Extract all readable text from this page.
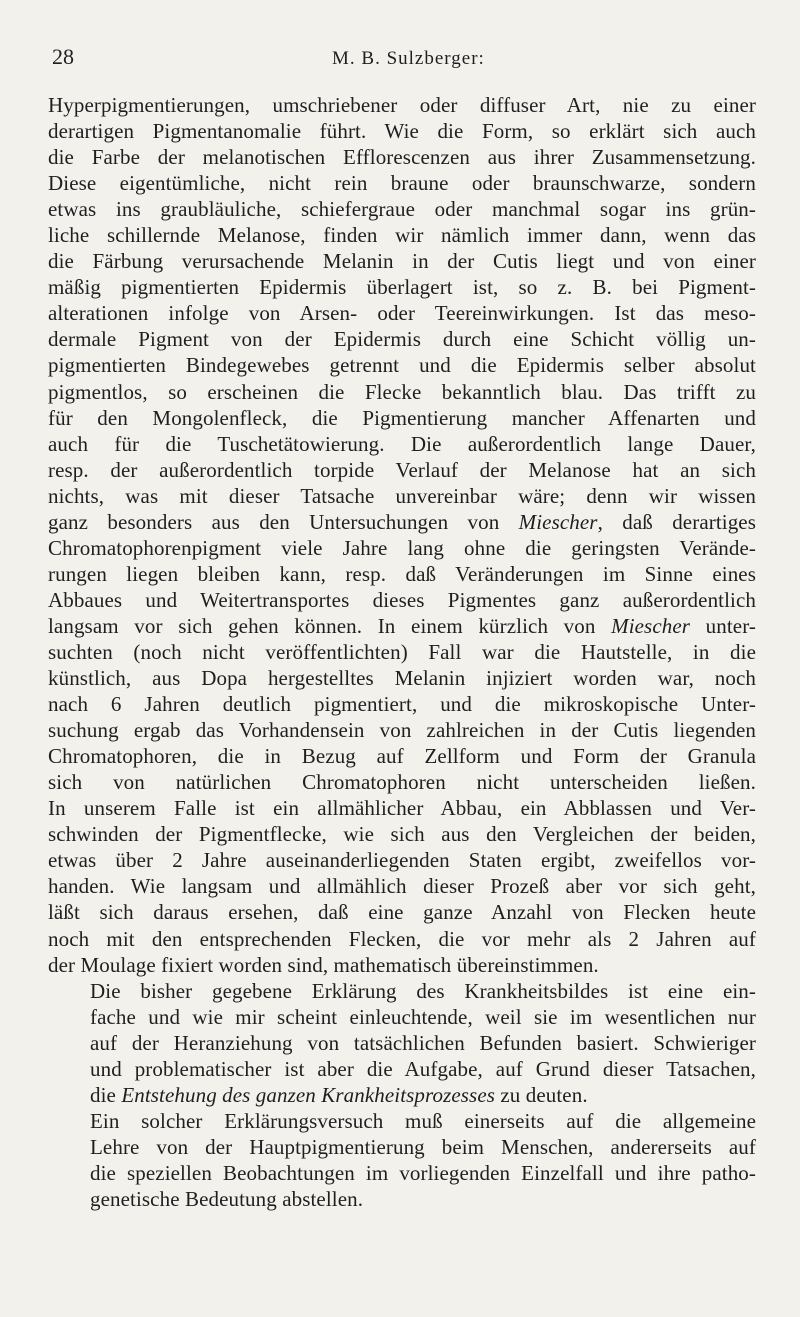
28	M. B. Sulzberger:

Hyperpigmentierungen, umschriebener oder diffuser Art, nie zu einer
derartigen Pigmentanomalie führt. Wie die Form, so erklärt sich auch
die Farbe der melanotischen Efflorescenzen aus ihrer Zusammensetzung.
Diese eigentümliche, nicht rein braune oder braunschwarze, sondern
etwas ins graubläuliche, schiefergraue oder manchmal sogar ins grün-
liche schillernde Melanose, finden wir nämlich immer dann, wenn das
die Färbung verursachende Melanin in der Cutis liegt und von einer
mäßig pigmentierten Epidermis überlagert ist, so z. B. bei Pigment-
alterationen infolge von Arsen- oder Teereinwirkungen. Ist das meso-
dermale Pigment von der Epidermis durch eine Schicht völlig un-
pigmentierten Bindegewebes getrennt und die Epidermis selber absolut
pigmentlos, so erscheinen die Flecke bekanntlich blau. Das trifft zu
für den Mongolenfleck, die Pigmentierung mancher Affenarten und
auch für die Tuschetätowierung. Die außerordentlich lange Dauer,
resp. der außerordentlich torpide Verlauf der Melanose hat an sich
nichts, was mit dieser Tatsache unvereinbar wäre; denn wir wissen
ganz besonders aus den Untersuchungen von Miescher, daß derartiges
Chromatophorenpigment viele Jahre lang ohne die geringsten Verände-
rungen liegen bleiben kann, resp. daß Veränderungen im Sinne eines
Abbaues und Weitertransportes dieses Pigmentes ganz außerordentlich
langsam vor sich gehen können. In einem kürzlich von Miescher unter-
suchten (noch nicht veröffentlichten) Fall war die Hautstelle, in die
künstlich, aus Dopa hergestelltes Melanin injiziert worden war, noch
nach 6 Jahren deutlich pigmentiert, und die mikroskopische Unter-
suchung ergab das Vorhandensein von zahlreichen in der Cutis liegenden
Chromatophoren, die in Bezug auf Zellform und Form der Granula
sich von natürlichen Chromatophoren nicht unterscheiden ließen.
In unserem Falle ist ein allmählicher Abbau, ein Abblassen und Ver-
schwinden der Pigmentflecke, wie sich aus den Vergleichen der beiden,
etwas über 2 Jahre auseinanderliegenden Staten ergibt, zweifellos vor-
handen. Wie langsam und allmählich dieser Prozeß aber vor sich geht,
läßt sich daraus ersehen, daß eine ganze Anzahl von Flecken heute
noch mit den entsprechenden Flecken, die vor mehr als 2 Jahren auf
der Moulage fixiert worden sind, mathematisch übereinstimmen.

Die bisher gegebene Erklärung des Krankheitsbildes ist eine ein-
fache und wie mir scheint einleuchtende, weil sie im wesentlichen nur
auf der Heranziehung von tatsächlichen Befunden basiert. Schwieriger
und problematischer ist aber die Aufgabe, auf Grund dieser Tatsachen,
die Entstehung des ganzen Krankheitsprozesses zu deuten.

Ein solcher Erklärungsversuch muß einerseits auf die allgemeine
Lehre von der Hauptpigmentierung beim Menschen, andererseits auf
die speziellen Beobachtungen im vorliegenden Einzelfall und ihre patho-
genetische Bedeutung abstellen.
